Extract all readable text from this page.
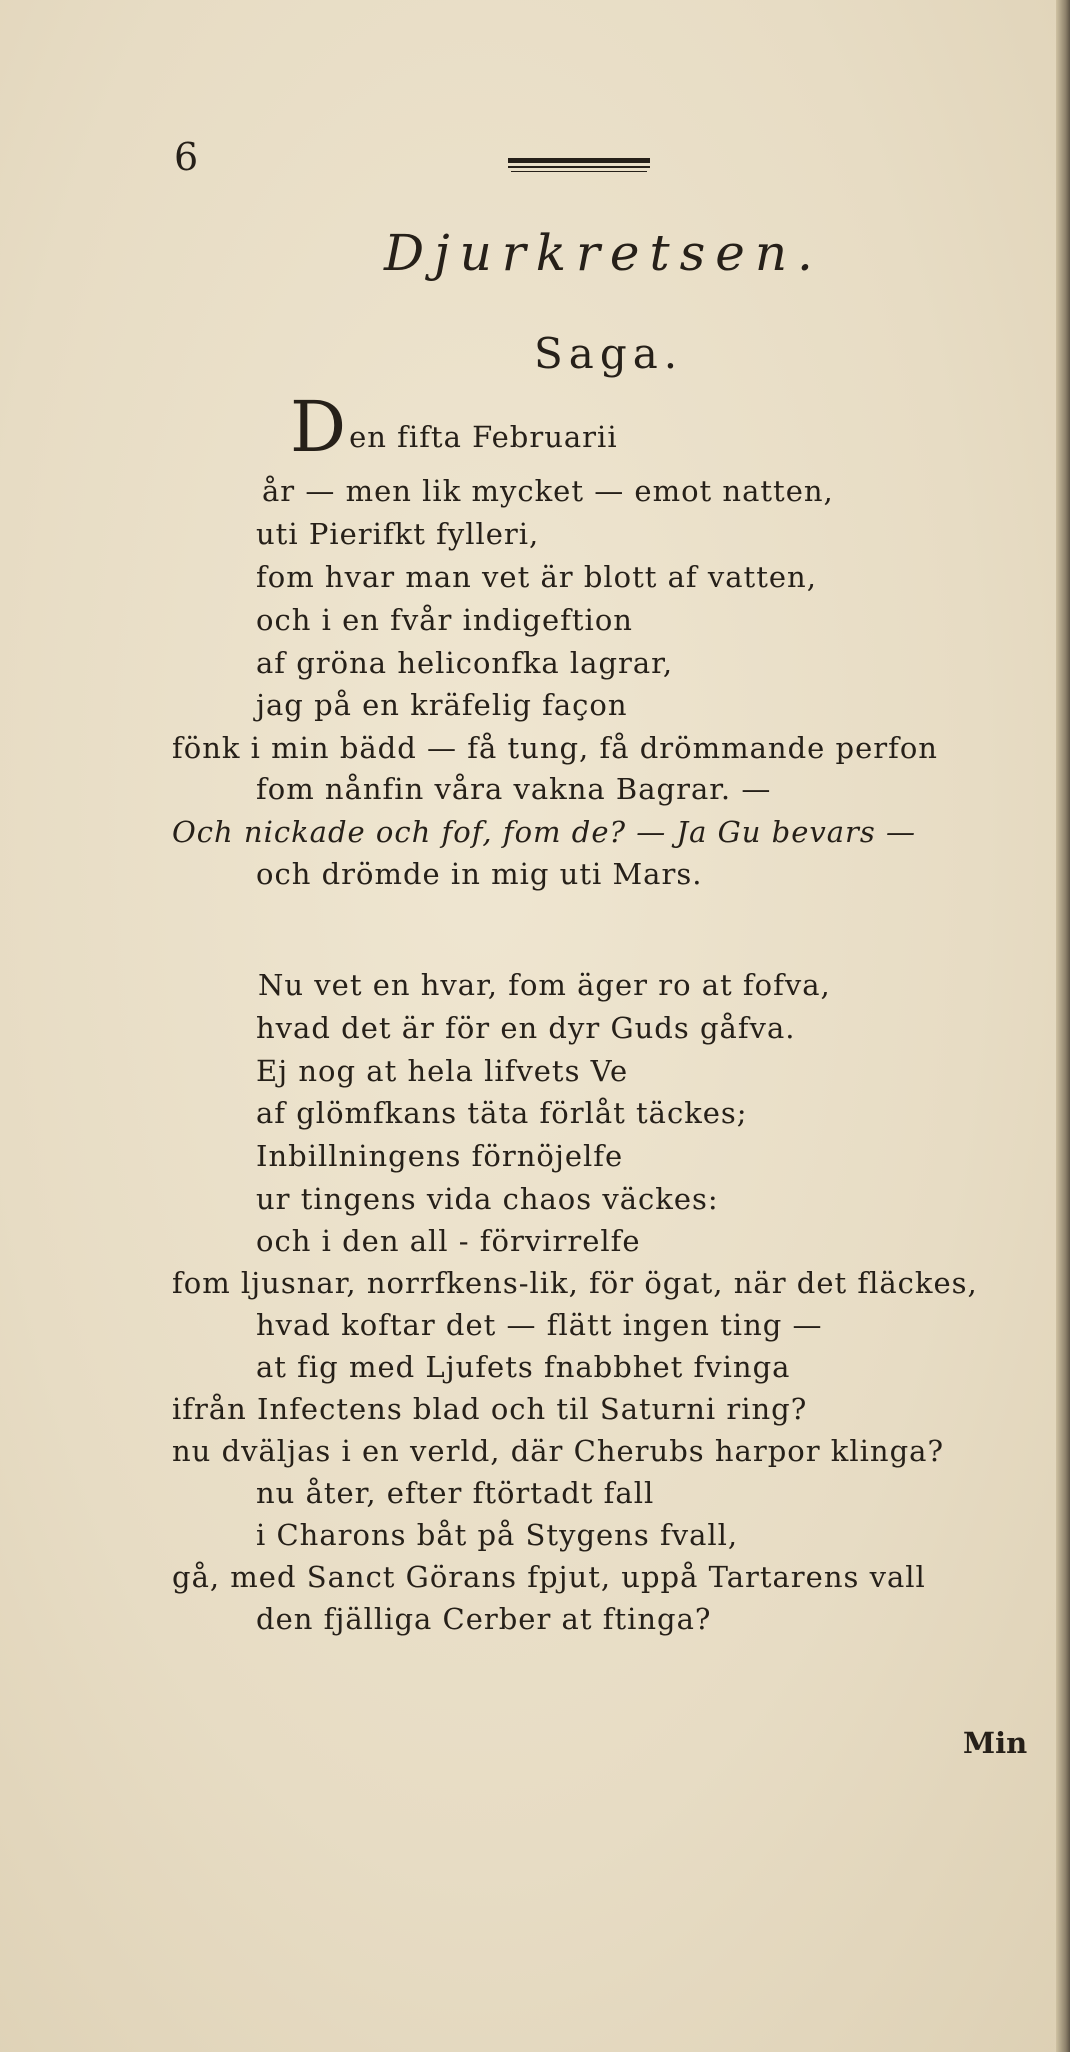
6
Djurkretsen.
Saga.
Den fifta Februarii
år — men lik mycket — emot natten,
uti Pierifkt fylleri,
fom hvar man vet är blott af vatten,
och i en fvår indigeftion
af gröna heliconfka lagrar,
jag på en kräfelig façon
fönk i min bädd — få tung, få drömmande perfon
fom nånfin våra vakna Bagrar. —
Och nickade och fof, fom de? — Ja Gu bevars —
och drömde in mig uti Mars.
Nu vet en hvar, fom äger ro at fofva,
hvad det är för en dyr Guds gåfva.
Ej nog at hela lifvets Ve
af glömfkans täta förlåt täckes;
Inbillningens förnöjelfe
ur tingens vida chaos väckes:
och i den all - förvirrelfe
fom ljusnar, norrfkens-lik, för ögat, när det fläckes,
hvad koftar det — flätt ingen ting —
at fig med Ljufets fnabbhet fvinga
ifrån Infectens blad och til Saturni ring?
nu dväljas i en verld, där Cherubs harpor klinga?
nu åter, efter ftörtadt fall
i Charons båt på Stygens fvall,
gå, med Sanct Görans fpjut, uppå Tartarens vall
den fjälliga Cerber at ftinga?
Min
